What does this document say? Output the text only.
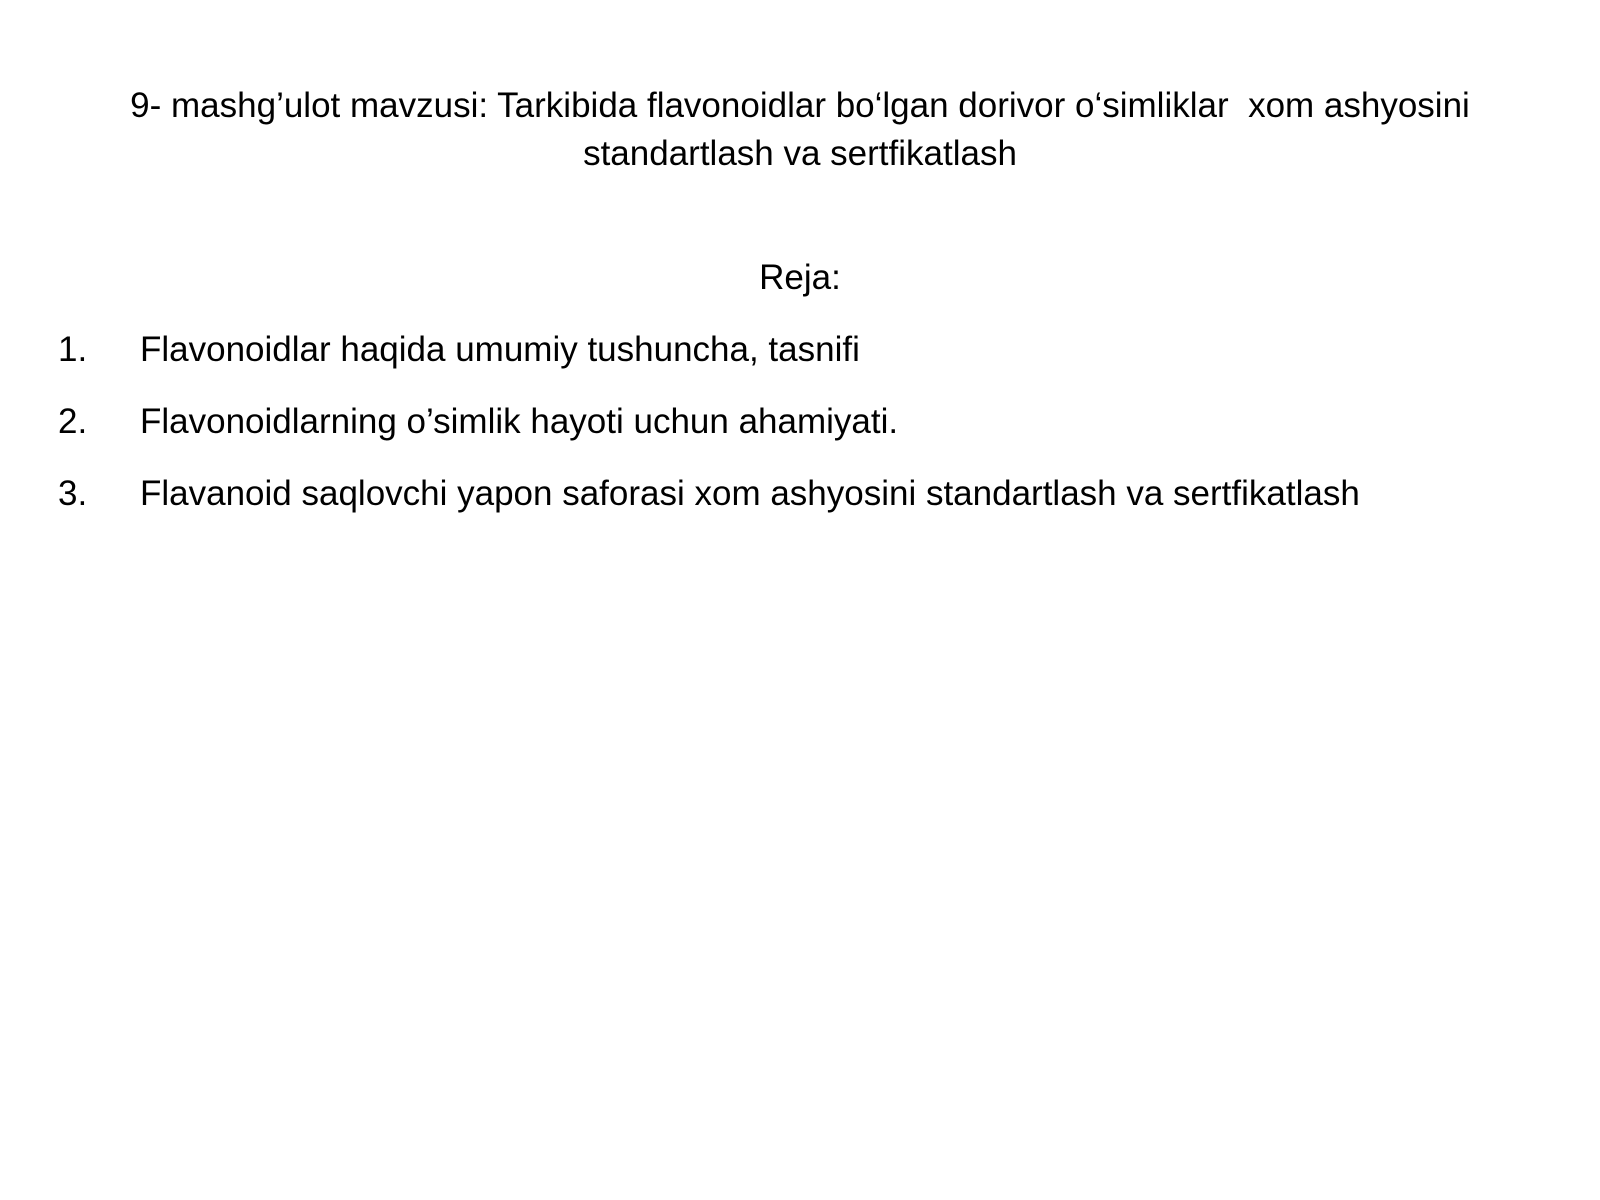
9- mashg’ulot mavzusi: Tarkibida flavonoidlar bo‘lgan dorivor o‘simliklar  xom ashyosini
standartlash va sertfikatlash

Reja:

1.	Flavonoidlar haqida umumiy tushuncha, tasnifi
2.	Flavonoidlarning o’simlik hayoti uchun ahamiyati.
3.	Flavanoid saqlovchi yapon saforasi xom ashyosini standartlash va sertfikatlash
